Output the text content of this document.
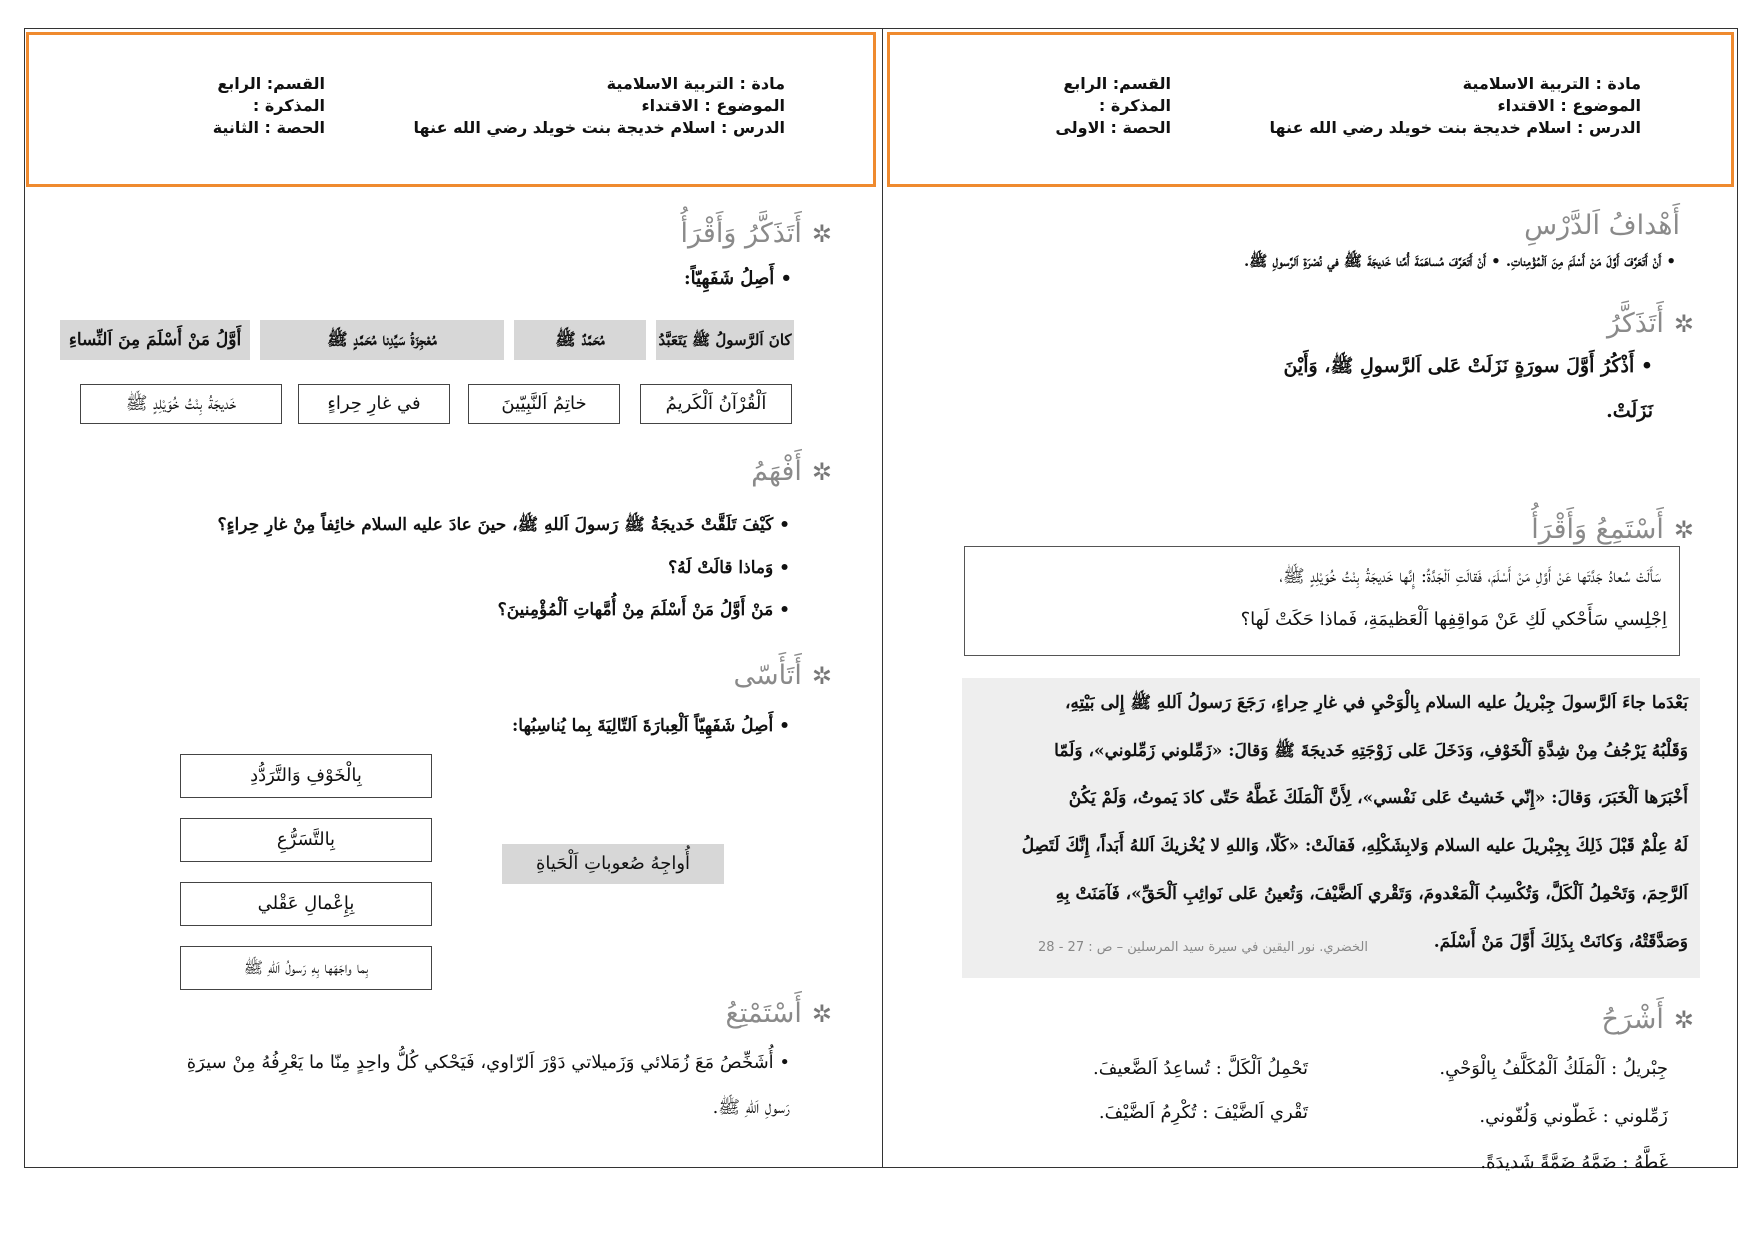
مادة : التربية الاسلامية
الموضوع : الاقتداء
الدرس : اسلام خديجة بنت خويلد رضي الله عنها
القسم: الرابع
المذكرة :
الحصة : الاولى
أَهْدافُ اَلدَّرْسِ
• أَنْ أَتَعَرَّفَ أَوَّلَ مَنْ أَسْلَمَ مِنَ اَلْمُؤْمِناتِ. • أَنْ أَتَعَرَّفَ مُساهَمَةَ أُمِّنا خَديجَةَ ﷺ في نُصْرَةِ اَلرَّسولِ ﷺ.
✲أَتَذَكَّرُ
• أَذْكُرُ أَوَّلَ سورَةٍ نَزَلَتْ عَلى اَلرَّسولِ ﷺ، وَأَيْنَ
نَزَلَتْ.
✲أَسْتَمِعُ وَأَقْرَأُ
سَأَلَتْ سُعادُ جَدَّتَها عَنْ أَوَّلِ مَنْ أَسْلَمَ، فَقالَتِ اَلْجَدَّةُ: إِنَّها خَديجَةُ بِنْتُ خُوَيْلِدٍ ﷺ،
اِجْلِسي سَأَحْكي لَكِ عَنْ مَواقِفِها اَلْعَظيمَةِ، فَماذا حَكَتْ لَها؟
بَعْدَما جاءَ اَلرَّسولَ جِبْريلُ عليه السلام بِالْوَحْيِ في غارِ حِراءٍ، رَجَعَ رَسولُ اَللهِ ﷺ إِلى بَيْتِهِ،
وَقَلْبُهُ يَرْجُفُ مِنْ شِدَّةِ اَلْخَوْفِ، وَدَخَلَ عَلى زَوْجَتِهِ خَديجَةَ ﷺ وَقالَ: «زَمِّلوني زَمِّلوني»، وَلَمّا
أَخْبَرَها اَلْخَبَرَ، وَقالَ: «إِنّي خَشيتُ عَلى نَفْسي»، لِأَنَّ اَلْمَلَكَ غَطَّهُ حَتّى كادَ يَموتُ، وَلَمْ يَكُنْ
لَهُ عِلْمٌ قَبْلَ ذَلِكَ بِجِبْريلَ عليه السلام وَلابِشَكْلِهِ، فَقالَتْ: «كَلّا، وَاللهِ لا يُخْزيكَ اَللهُ أَبَداً، إِنَّكَ لَتَصِلُ
اَلرَّحِمَ، وَتَحْمِلُ اَلْكَلَّ، وَتُكْسِبُ اَلْمَعْدومَ، وَتَقْري اَلضَّيْفَ، وَتُعينُ عَلى نَوائِبِ اَلْحَقِّ»، فَآمَنَتْ بِهِ
وَصَدَّقَتْهُ، وَكانَتْ بِذَلِكَ أَوَّلَ مَنْ أَسْلَمَ.
الخضري. نور اليقين في سيرة سيد المرسلين – ص : 27 - 28
✲أَشْرَحُ
جِبْريلُ : اَلْمَلَكُ اَلْمُكَلَّفُ بِالْوَحْيِ.
زَمِّلوني : غَطّوني وَلُفّوني.
غَطَّهُ : ضَمَّهُ ضَمَّةً شَديدَةً.
تَحْمِلُ اَلْكَلَّ : تُساعِدُ اَلضَّعيفَ.
تَقْري اَلضَّيْفَ : تُكْرِمُ اَلضَّيْفَ.
مادة : التربية الاسلامية
الموضوع : الاقتداء
الدرس : اسلام خديجة بنت خويلد رضي الله عنها
القسم: الرابع
المذكرة :
الحصة : الثانية
✲أَتَذَكَّرُ وَأَقْرَأُ
• أَصِلُ شَفَهِيّاً:
أَوَّلُ مَنْ أَسْلَمَ مِنَ اَلنِّساءِ	مُعْجِزَةُ سَيِّدِنا مُحَمَّدٍ ﷺ	مُحَمَّدٌ ﷺ	كانَ اَلرَّسولُ ﷺ يَتَعَبَّدُ
اَلْقُرْآنُ اَلْكَريمُ
خاتِمُ اَلنَّبِيّينَ
في غارِ حِراءٍ
خَديجَةُ بِنْتُ خُوَيْلِدٍ ﷺ
✲أَفْهَمُ
• كَيْفَ تَلَقَّتْ خَديجَةُ ﷺ رَسولَ اَللهِ ﷺ، حينَ عادَ عليه السلام خائِفاً مِنْ غارِ حِراءٍ؟
• وَماذا قالَتْ لَهُ؟
• مَنْ أَوَّلُ مَنْ أَسْلَمَ مِنْ أُمَّهاتِ اَلْمُؤْمِنينَ؟
✲أَتَأَسّى
• أَصِلُ شَفَهِيّاً اَلْعِبارَةَ اَلتّالِيَةَ بِما يُناسِبُها:
أُواجِهُ صُعوباتِ اَلْحَياةِ
بِالْخَوْفِ وَالتَّرَدُّدِ
بِالتَّسَرُّعِ
بِإِعْمالِ عَقْلي
بِما واجَهَها بِهِ رَسولُ اَللهِ ﷺ
✲أَسْتَمْتِعُ
• أُشَخِّصُ مَعَ زُمَلائي وَزَميلاتي دَوْرَ اَلرّاوي، فَيَحْكي كُلُّ واحِدٍ مِنّا ما يَعْرِفُهُ مِنْ سيرَةِ
رَسولِ اَللهِ ﷺ.
